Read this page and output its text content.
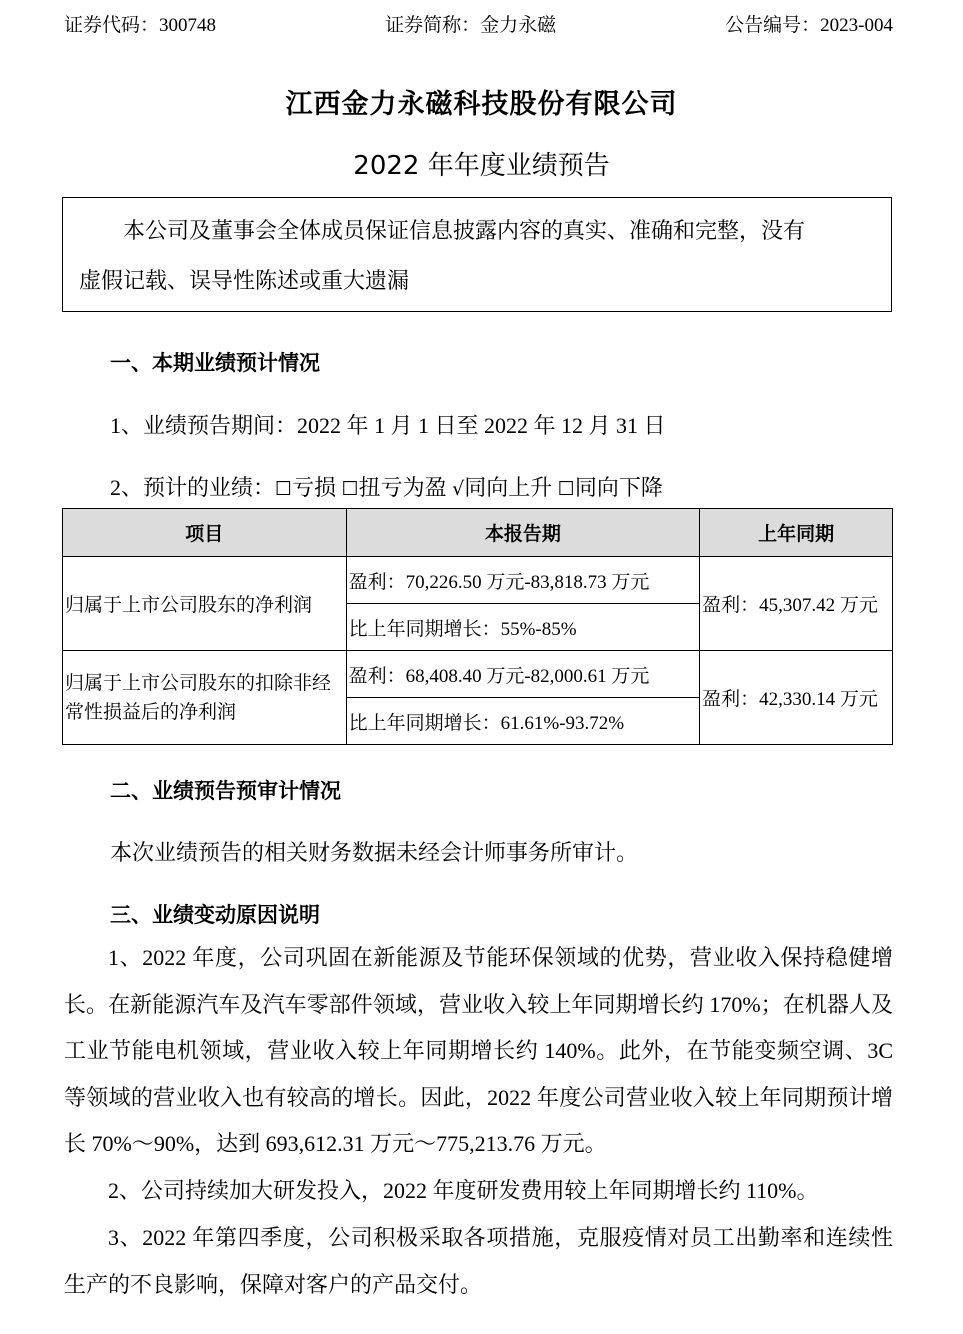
证券代码：300748	证券简称：金力永磁	公告编号：2023-004
江西金力永磁科技股份有限公司
2022 年年度业绩预告
本公司及董事会全体成员保证信息披露内容的真实、准确和完整，没有
虚假记载、误导性陈述或重大遗漏
一、本期业绩预计情况
1、业绩预告期间：2022 年 1 月 1 日至 2022 年 12 月 31 日
2、预计的业绩：☐亏损 ☐扭亏为盈 √同向上升 ☐同向下降
项目	本报告期	上年同期
归属于上市公司股东的净利润	盈利：70,226.50 万元-83,818.73 万元	盈利：45,307.42 万元
	比上年同期增长：55%-85%	
归属于上市公司股东的扣除非经常性损益后的净利润	盈利：68,408.40 万元-82,000.61 万元	盈利：42,330.14 万元
	比上年同期增长：61.61%-93.72%	
二、业绩预告预审计情况
本次业绩预告的相关财务数据未经会计师事务所审计。
三、业绩变动原因说明
1、2022 年度，公司巩固在新能源及节能环保领域的优势，营业收入保持稳健增长。在新能源汽车及汽车零部件领域，营业收入较上年同期增长约 170%；在机器人及工业节能电机领域，营业收入较上年同期增长约 140%。此外，在节能变频空调、3C 等领域的营业收入也有较高的增长。因此，2022 年度公司营业收入较上年同期预计增长 70%～90%，达到 693,612.31 万元～775,213.76 万元。
2、公司持续加大研发投入，2022 年度研发费用较上年同期增长约 110%。
3、2022 年第四季度，公司积极采取各项措施，克服疫情对员工出勤率和连续性生产的不良影响，保障对客户的产品交付。
